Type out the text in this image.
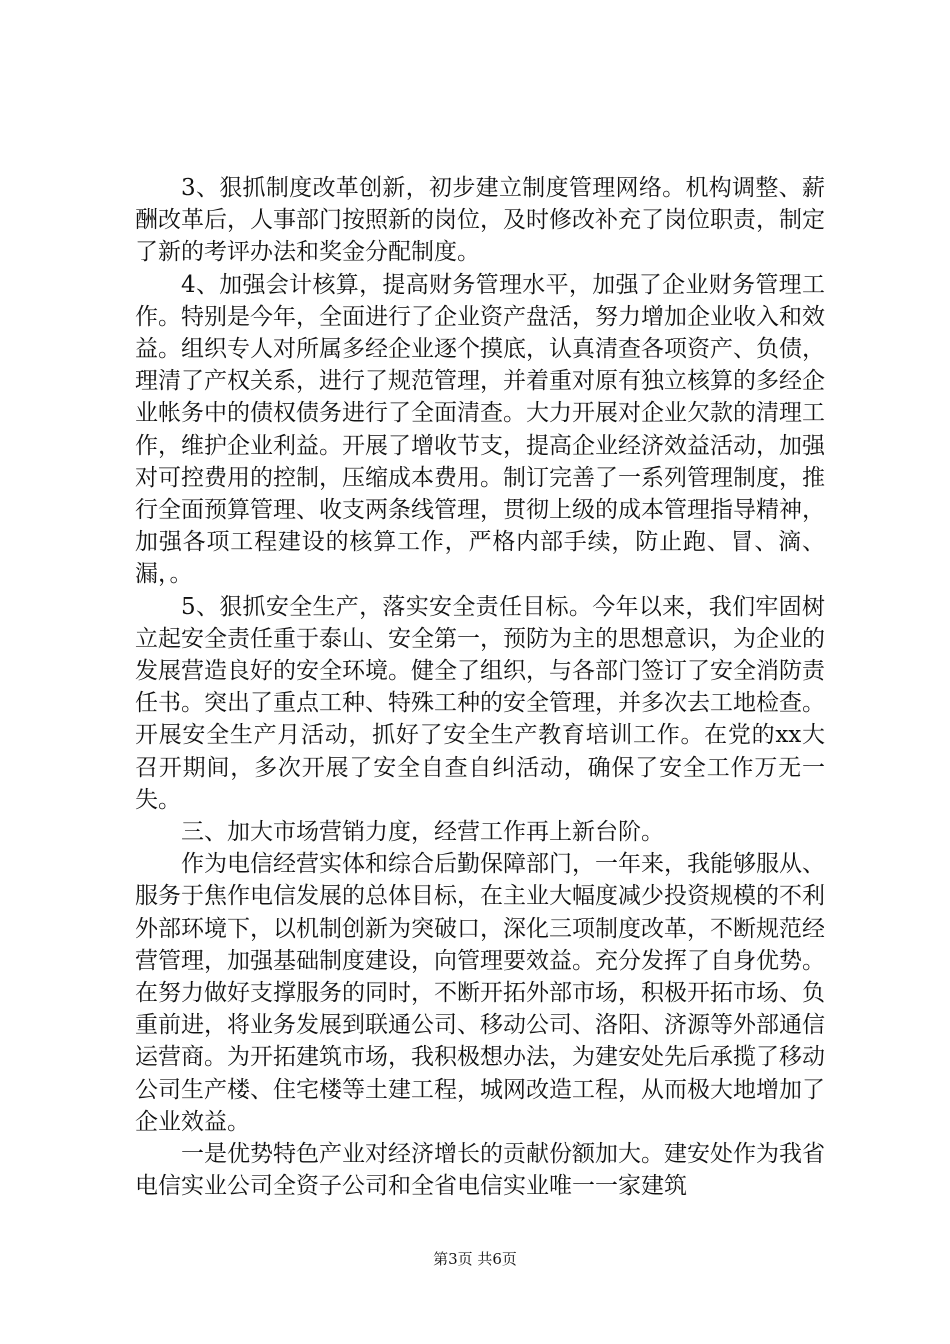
3、狠抓制度改革创新，初步建立制度管理网络。机构调整、薪酬改革后，人事部门按照新的岗位，及时修改补充了岗位职责，制定了新的考评办法和奖金分配制度。

4、加强会计核算，提高财务管理水平，加强了企业财务管理工作。特别是今年，全面进行了企业资产盘活，努力增加企业收入和效益。组织专人对所属多经企业逐个摸底，认真清查各项资产、负债，理清了产权关系，进行了规范管理，并着重对原有独立核算的多经企业帐务中的债权债务进行了全面清查。大力开展对企业欠款的清理工作，维护企业利益。开展了增收节支，提高企业经济效益活动，加强对可控费用的控制，压缩成本费用。制订完善了一系列管理制度，推行全面预算管理、收支两条线管理，贯彻上级的成本管理指导精神，加强各项工程建设的核算工作，严格内部手续，防止跑、冒、滴、漏，。

5、狠抓安全生产，落实安全责任目标。今年以来，我们牢固树立起安全责任重于泰山、安全第一，预防为主的思想意识，为企业的发展营造良好的安全环境。健全了组织，与各部门签订了安全消防责任书。突出了重点工种、特殊工种的安全管理，并多次去工地检查。开展安全生产月活动，抓好了安全生产教育培训工作。在党的xx大召开期间，多次开展了安全自查自纠活动，确保了安全工作万无一失。

三、加大市场营销力度，经营工作再上新台阶。

作为电信经营实体和综合后勤保障部门，一年来，我能够服从、服务于焦作电信发展的总体目标，在主业大幅度减少投资规模的不利外部环境下，以机制创新为突破口，深化三项制度改革，不断规范经营管理，加强基础制度建设，向管理要效益。充分发挥了自身优势。在努力做好支撑服务的同时，不断开拓外部市场，积极开拓市场、负重前进，将业务发展到联通公司、移动公司、洛阳、济源等外部通信运营商。为开拓建筑市场，我积极想办法，为建安处先后承揽了移动公司生产楼、住宅楼等土建工程，城网改造工程，从而极大地增加了企业效益。

一是优势特色产业对经济增长的贡献份额加大。建安处作为我省电信实业公司全资子公司和全省电信实业唯一一家建筑

第3页 共6页
